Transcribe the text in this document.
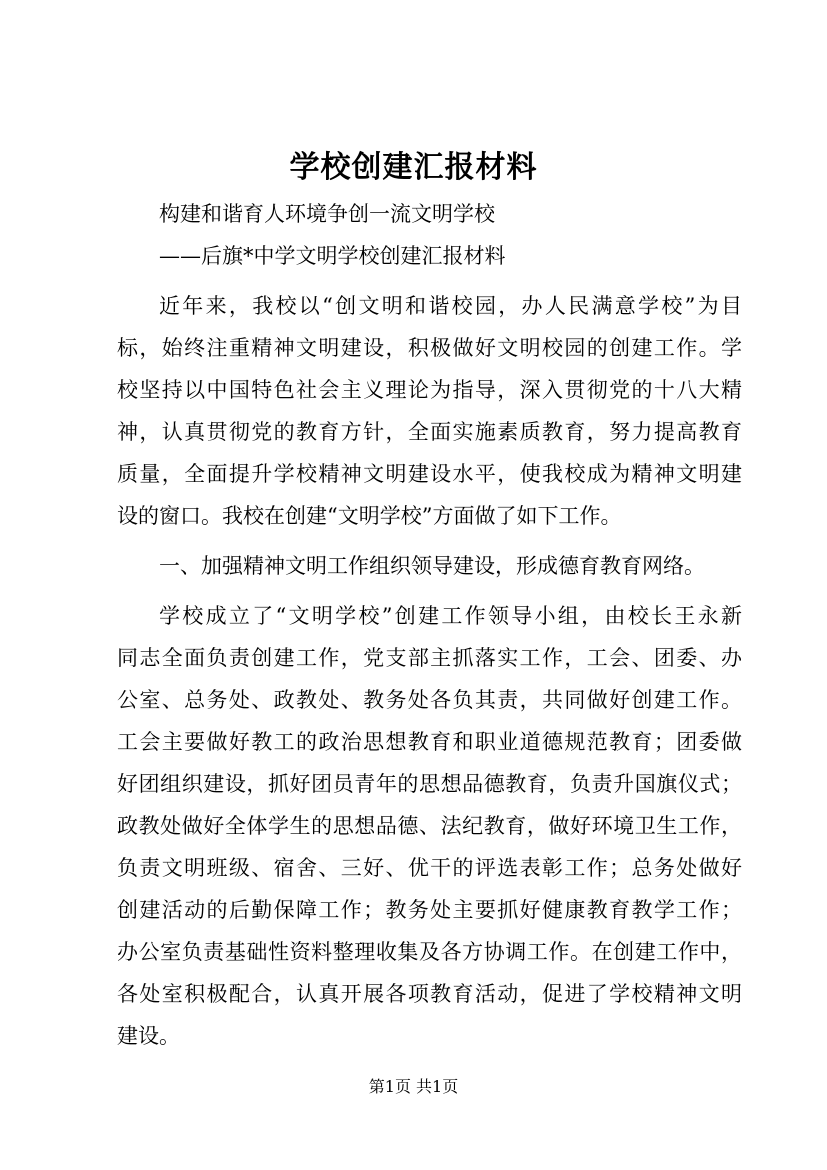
学校创建汇报材料
构建和谐育人环境争创一流文明学校
——后旗*中学文明学校创建汇报材料
近年来，我校以“创文明和谐校园，办人民满意学校”为目
标，始终注重精神文明建设，积极做好文明校园的创建工作。学
校坚持以中国特色社会主义理论为指导，深入贯彻党的十八大精
神，认真贯彻党的教育方针，全面实施素质教育，努力提高教育
质量，全面提升学校精神文明建设水平，使我校成为精神文明建
设的窗口。我校在创建“文明学校”方面做了如下工作。
一、加强精神文明工作组织领导建设，形成德育教育网络。
学校成立了“文明学校”创建工作领导小组，由校长王永新
同志全面负责创建工作，党支部主抓落实工作，工会、团委、办
公室、总务处、政教处、教务处各负其责，共同做好创建工作。
工会主要做好教工的政治思想教育和职业道德规范教育；团委做
好团组织建设，抓好团员青年的思想品德教育，负责升国旗仪式；
政教处做好全体学生的思想品德、法纪教育，做好环境卫生工作，
负责文明班级、宿舍、三好、优干的评选表彰工作；总务处做好
创建活动的后勤保障工作；教务处主要抓好健康教育教学工作；
办公室负责基础性资料整理收集及各方协调工作。在创建工作中，
各处室积极配合，认真开展各项教育活动，促进了学校精神文明
建设。
第1页 共1页
